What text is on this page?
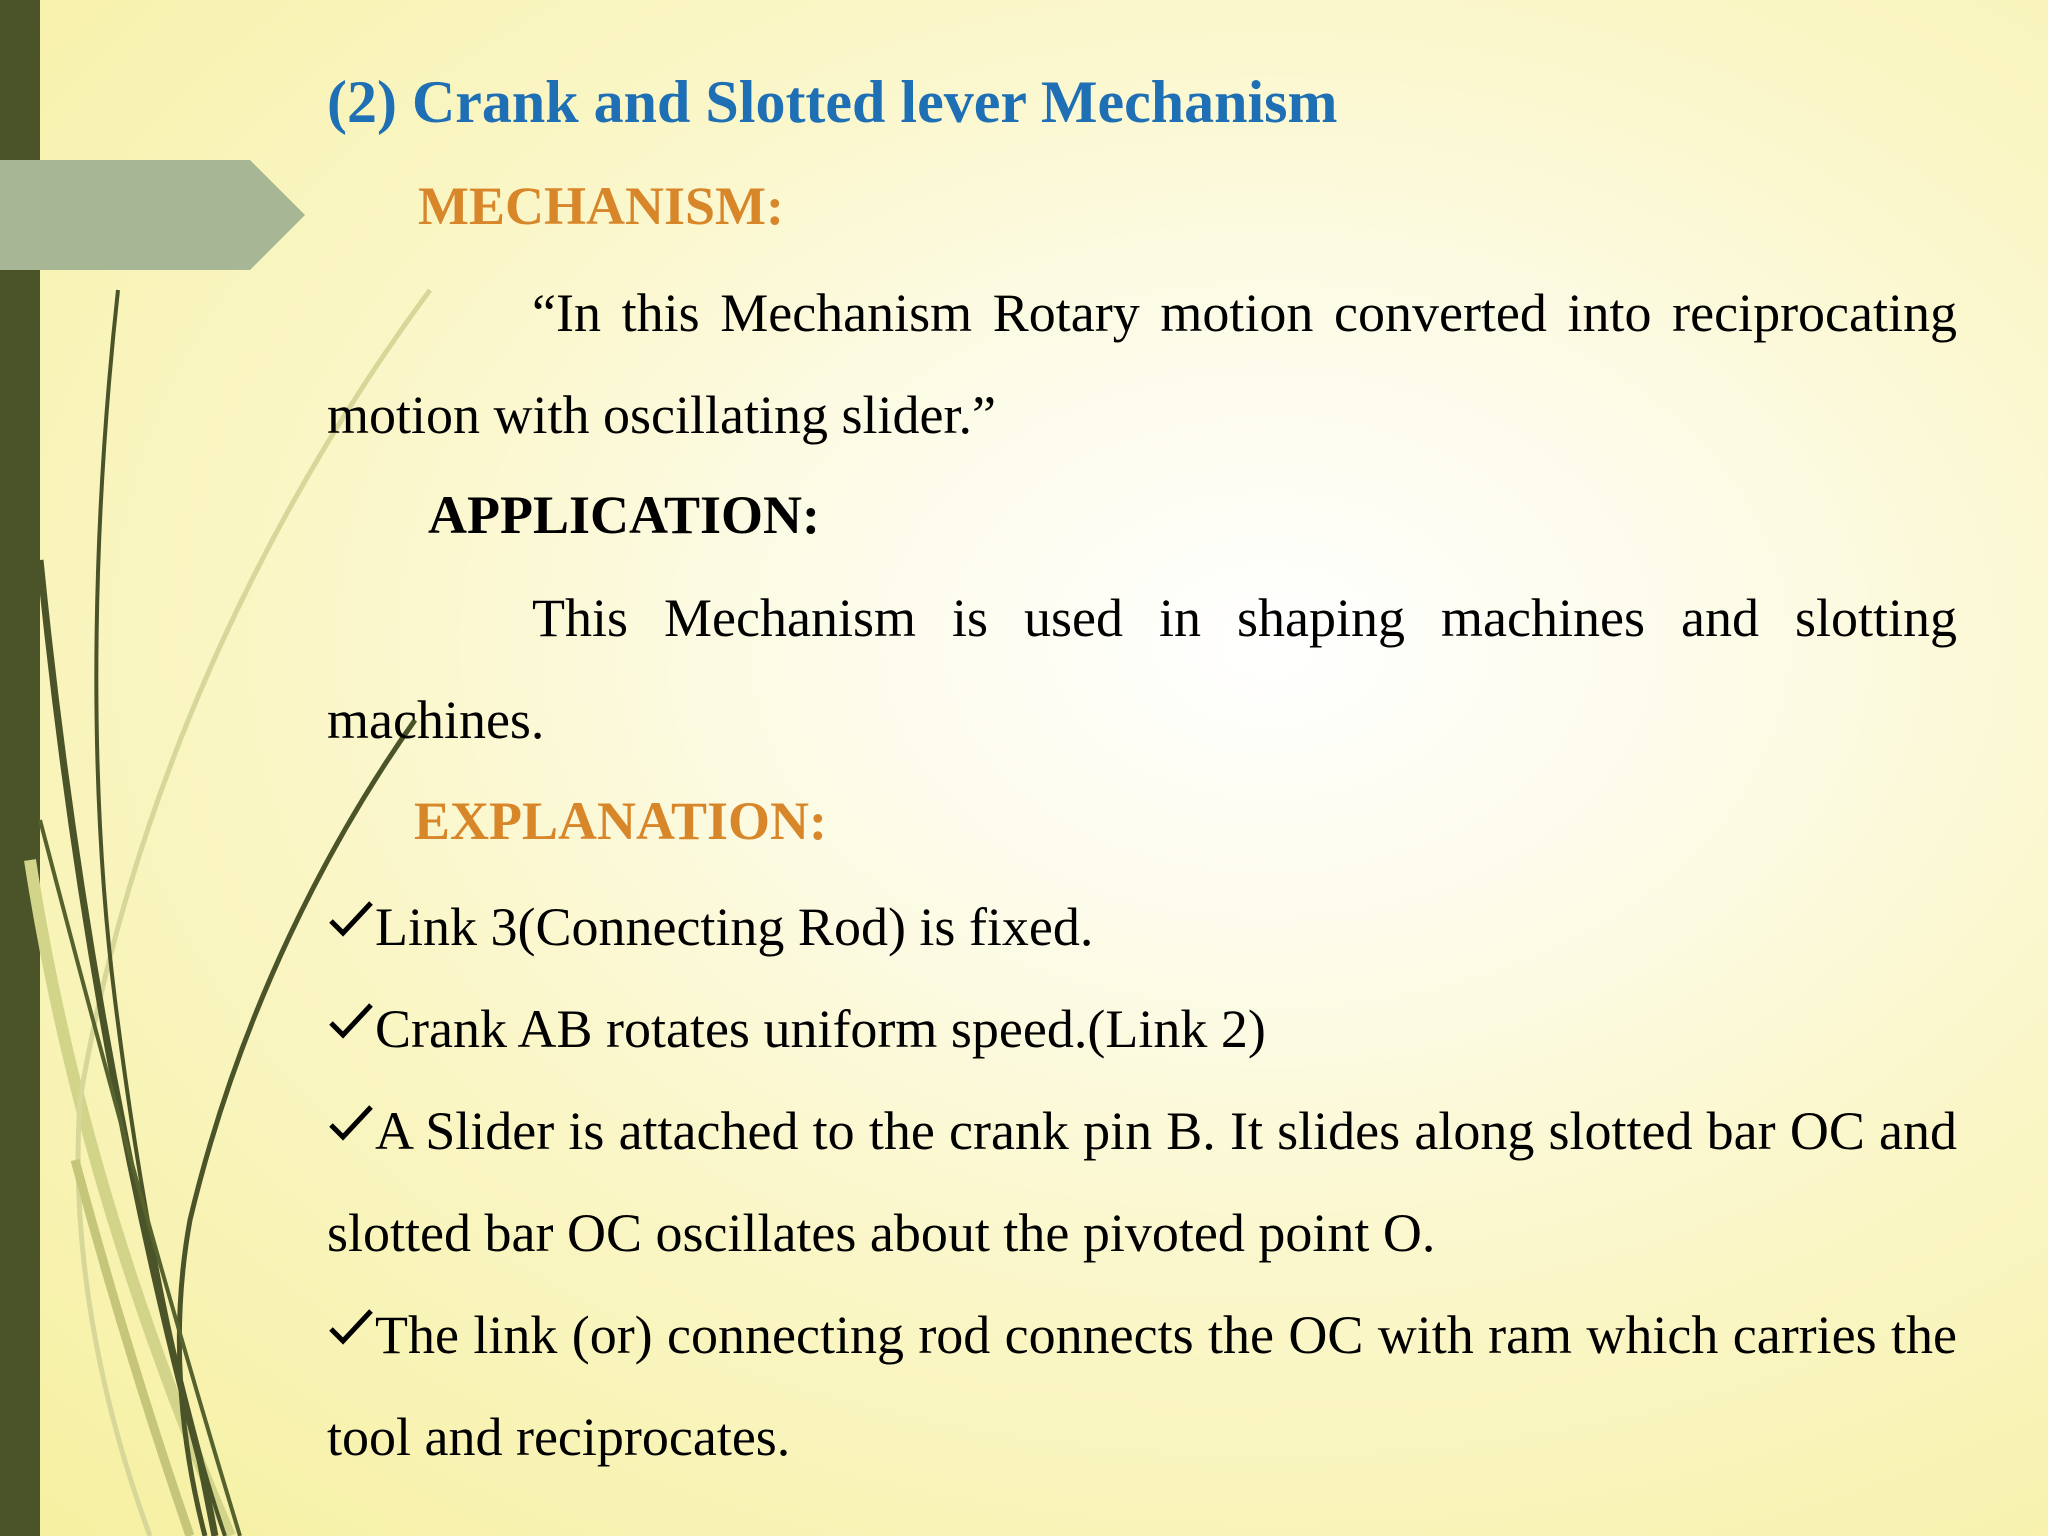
(2) Crank and Slotted lever Mechanism
MECHANISM:

“In this Mechanism Rotary motion converted into reciprocating motion with oscillating slider.”

APPLICATION:

This Mechanism is used in shaping machines and slotting machines.

EXPLANATION:

Link 3(Connecting Rod) is fixed.

Crank AB rotates uniform speed.(Link 2)

A Slider is attached to the crank pin B. It slides along slotted bar OC and slotted bar OC oscillates about the pivoted point O.

The link (or) connecting rod connects the OC with ram which carries the tool and reciprocates.
